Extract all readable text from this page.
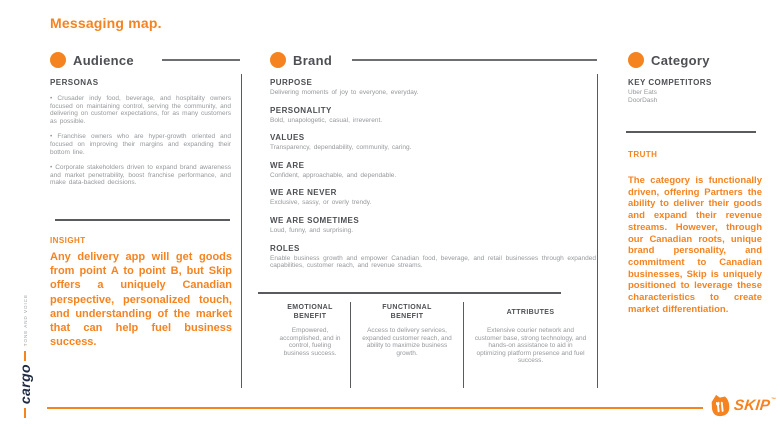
Messaging map.
Audience	Brand	Category
PERSONAS

• Crusader indy food, beverage, and hospitality owners focused on maintaining control, serving the community, and delivering on customer expectations, for as many customers as possible.

• Franchise owners who are hyper-growth oriented and focused on improving their margins and expanding their bottom line.

• Corporate stakeholders driven to expand brand awareness and market penetrability, boost franchise performance, and make data-backed decisions.

INSIGHT
Any delivery app will get goods from point A to point B, but Skip offers a uniquely Canadian perspective, personalized touch, and understanding of the market that can help fuel business success.
PURPOSE

Delivering moments of joy to everyone, everyday.

PERSONALITY

Bold, unapologetic, casual, irreverent.

VALUES

Transparency, dependability, community, caring.

WE ARE

Confident, approachable, and dependable.

WE ARE NEVER

Exclusive, sassy, or overly trendy.

WE ARE SOMETIMES

Loud, funny, and surprising.

ROLES

Enable business growth and empower Canadian food, beverage, and retail businesses through expanded capabilities, customer reach, and revenue streams.

EMOTIONAL BENEFIT

Empowered, accomplished, and in control, fueling business success.

FUNCTIONAL BENEFIT

Access to delivery services, expanded customer reach, and ability to maximize business growth.

ATTRIBUTES

Extensive courier network and customer base, strong technology, and hands-on assistance to aid in optimizing platform presence and fuel success.

KEY COMPETITORS

Uber Eats

DoorDash

TRUTH
The category is functionally driven, offering Partners the ability to deliver their goods and expand their revenue streams. However, through our Canadian roots, unique brand personality, and commitment to Canadian businesses, Skip is uniquely positioned to leverage these characteristics to create market differentiation.
TONE AND VOICE
cargo
SKIP™
